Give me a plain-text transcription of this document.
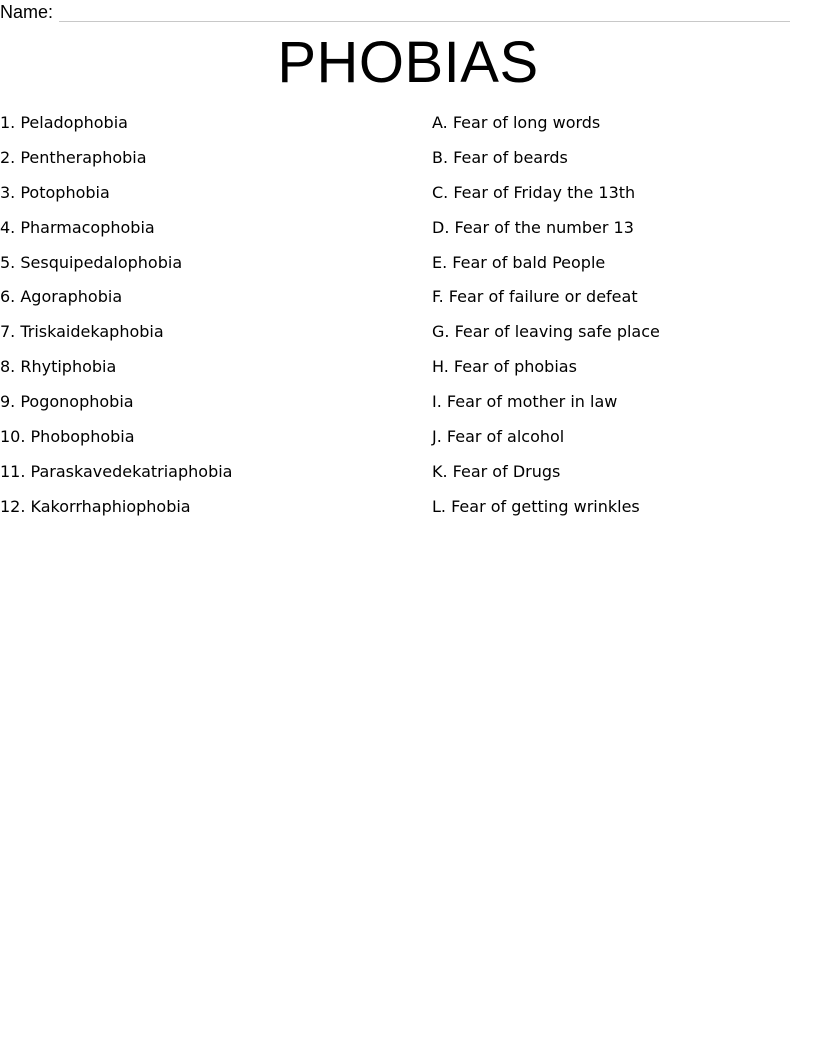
Name:
PHOBIAS
1. Peladophobia
2. Pentheraphobia
3. Potophobia
4. Pharmacophobia
5. Sesquipedalophobia
6. Agoraphobia
7. Triskaidekaphobia
8. Rhytiphobia
9. Pogonophobia
10. Phobophobia
11. Paraskavedekatriaphobia
12. Kakorrhaphiophobia
A. Fear of long words
B. Fear of beards
C. Fear of Friday the 13th
D. Fear of the number 13
E. Fear of bald People
F. Fear of failure or defeat
G. Fear of leaving safe place
H. Fear of phobias
I. Fear of mother in law
J. Fear of alcohol
K. Fear of Drugs
L. Fear of getting wrinkles
